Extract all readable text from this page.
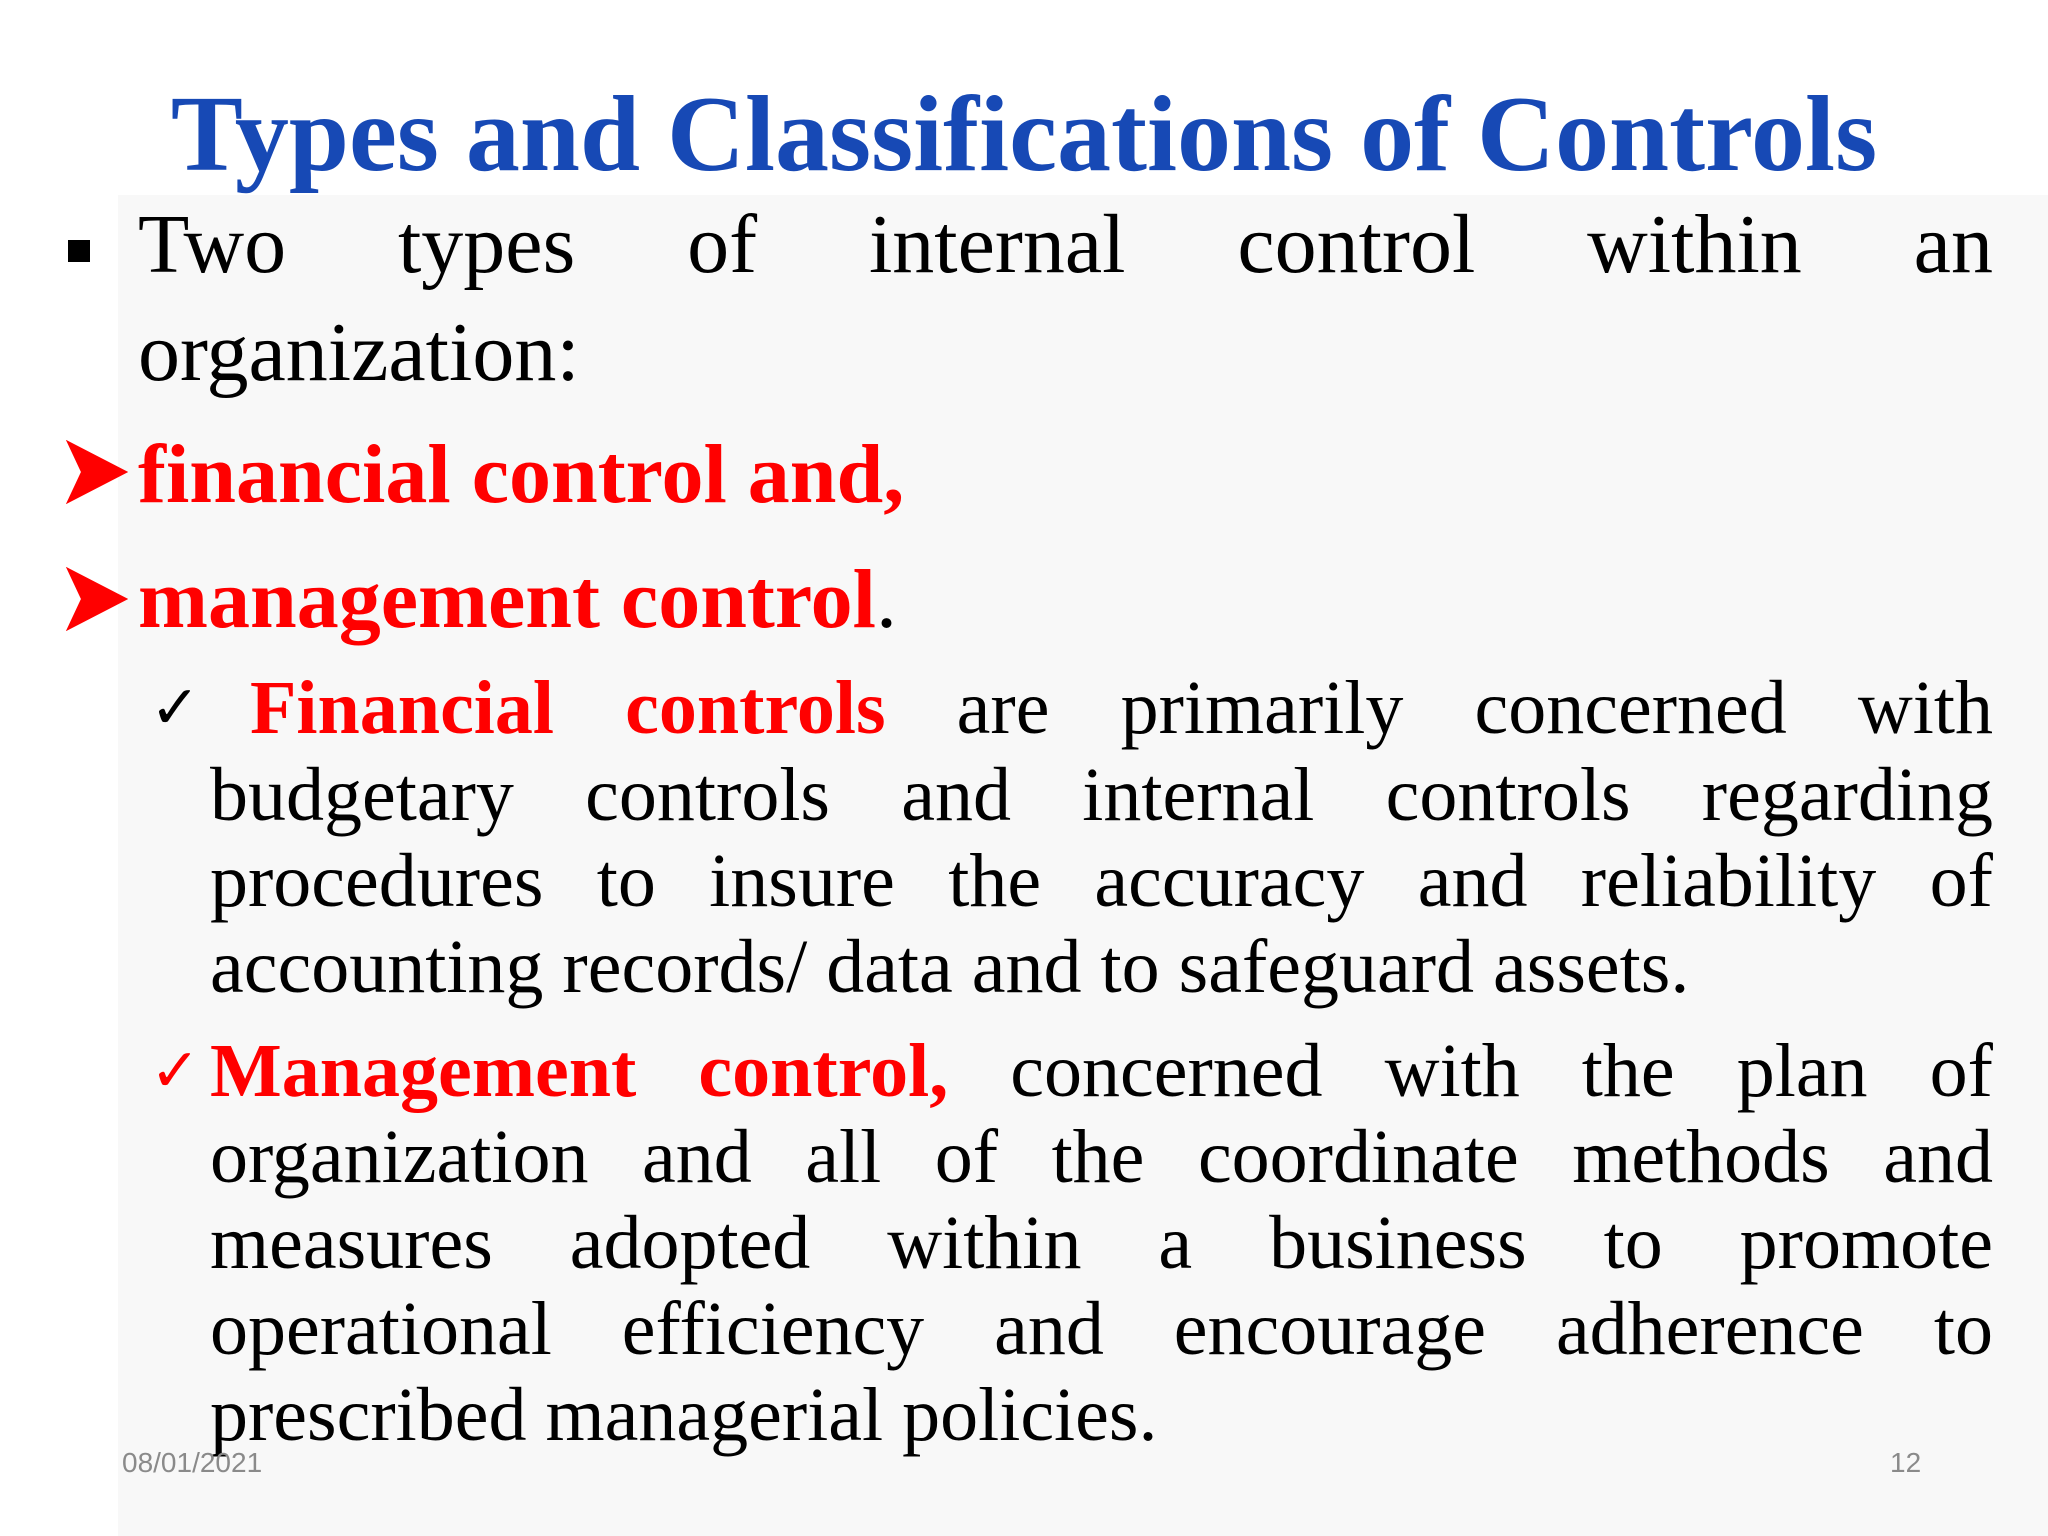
Types and Classifications of Controls
Two types of internal control within an
organization:
financial control and,
management control.
✓ Financial controls are primarily concerned with
budgetary controls and internal controls regarding
procedures to insure the accuracy and reliability of
accounting records/ data and to safeguard assets.
✓ Management control, concerned with the plan of
organization and all of the coordinate methods and
measures adopted within a business to promote
operational efficiency and encourage adherence to
prescribed managerial policies.
08/01/2021	12
